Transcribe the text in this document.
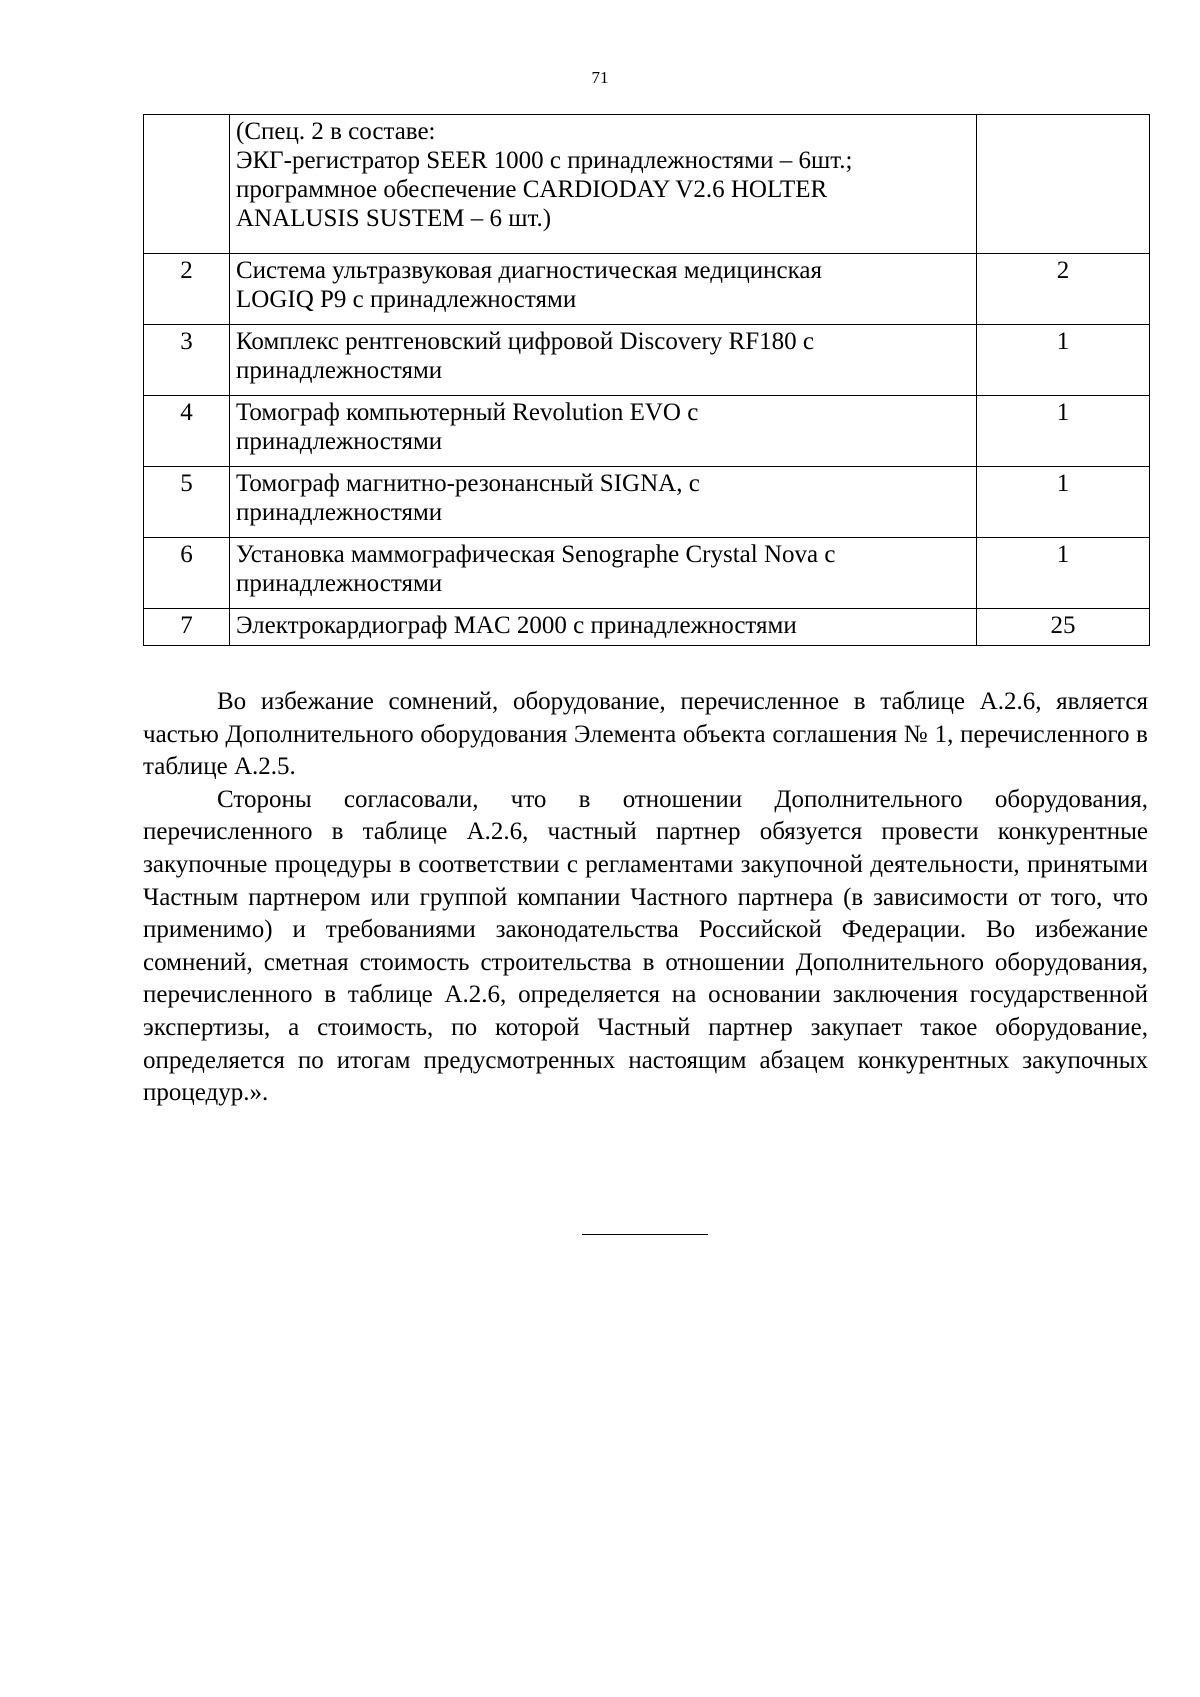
71

	(Спец. 2 в составе:
ЭКГ-регистратор SEER 1000 с принадлежностями – 6шт.;
программное обеспечение CARDIODAY V2.6 HOLTER
ANALUSIS SUSTEM – 6 шт.)	

2	Система ультразвуковая диагностическая медицинская
LOGIQ P9 с принадлежностями	2
3	Комплекс рентгеновский цифровой Discovery RF180 с
принадлежностями	1
4	Томограф компьютерный Revolution EVO с
принадлежностями	1
5	Томограф магнитно-резонансный SIGNA, с
принадлежностями	1
6	Установка маммографическая Senographe Crystal Nova с
принадлежностями	1
7	Электрокардиограф MAC 2000 с принадлежностями	25

Во избежание сомнений, оборудование, перечисленное в таблице А.2.6, является частью Дополнительного оборудования Элемента объекта соглашения № 1, перечисленного в таблице А.2.5.

Стороны согласовали, что в отношении Дополнительного оборудования, перечисленного в таблице А.2.6, частный партнер обязуется провести конкурентные закупочные процедуры в соответствии с регламентами закупочной деятельности, принятыми Частным партнером или группой компании Частного партнера (в зависимости от того, что применимо) и требованиями законодательства Российской Федерации. Во избежание сомнений, сметная стоимость строительства в отношении Дополнительного оборудования, перечисленного в таблице А.2.6, определяется на основании заключения государственной экспертизы, а стоимость, по которой Частный партнер закупает такое оборудование, определяется по итогам предусмотренных настоящим абзацем конкурентных закупочных процедур.».
